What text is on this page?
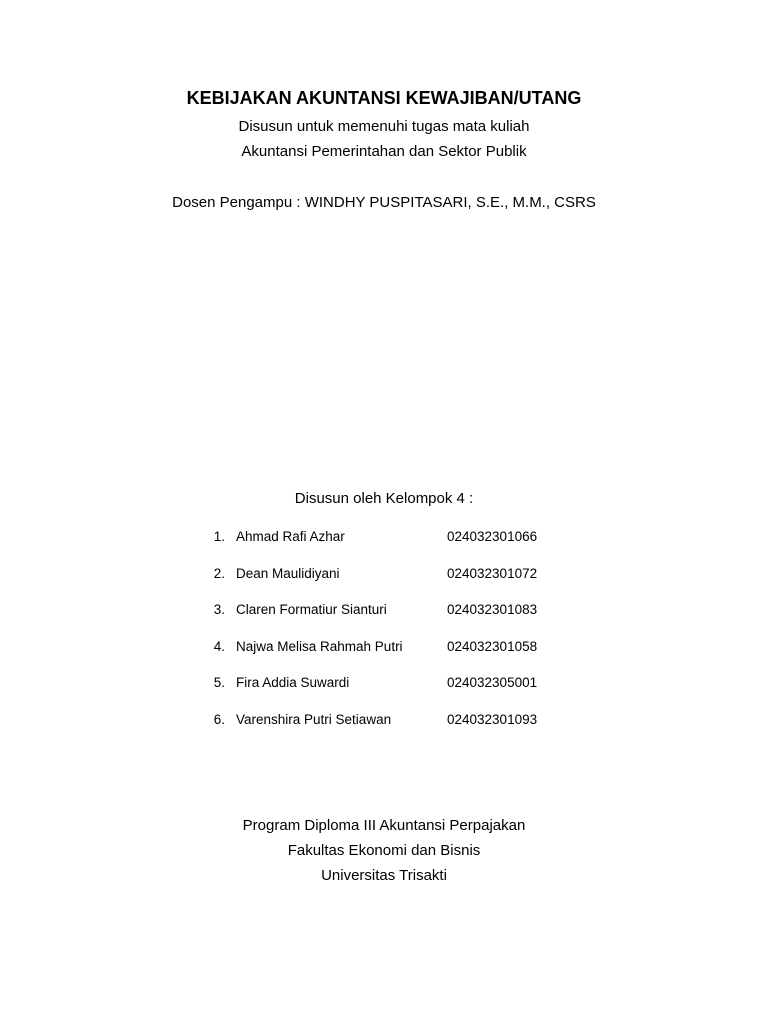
KEBIJAKAN AKUNTANSI KEWAJIBAN/UTANG
Disusun untuk memenuhi tugas mata kuliah
Akuntansi Pemerintahan dan Sektor Publik
Dosen Pengampu : WINDHY PUSPITASARI, S.E., M.M., CSRS
Disusun oleh Kelompok 4 :
1. Ahmad Rafi Azhar	024032301066
2. Dean Maulidiyani	024032301072
3. Claren Formatiur Sianturi	024032301083
4. Najwa Melisa Rahmah Putri	024032301058
5. Fira Addia Suwardi	024032305001
6. Varenshira Putri Setiawan	024032301093
Program Diploma III Akuntansi Perpajakan
Fakultas Ekonomi dan Bisnis
Universitas Trisakti
